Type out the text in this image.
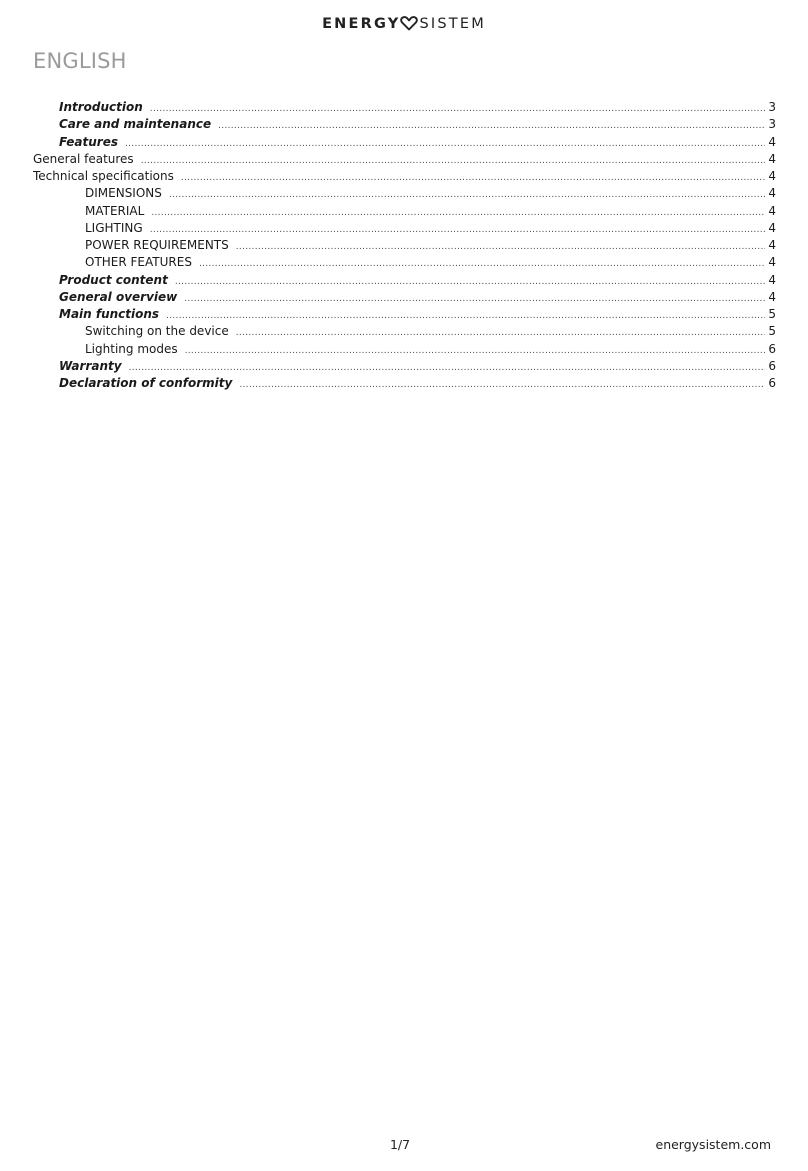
ENERGY SISTEM
ENGLISH
Introduction .....	3
Care and maintenance .....	3
Features .....	4
General features .....	4
Technical specifications .....	4
DIMENSIONS .....	4
MATERIAL .....	4
LIGHTING .....	4
POWER REQUIREMENTS .....	4
OTHER FEATURES .....	4
Product content .....	4
General overview .....	4
Main functions .....	5
Switching on the device .....	5
Lighting modes .....	6
Warranty .....	6
Declaration of conformity .....	6
1/7	energysistem.com
